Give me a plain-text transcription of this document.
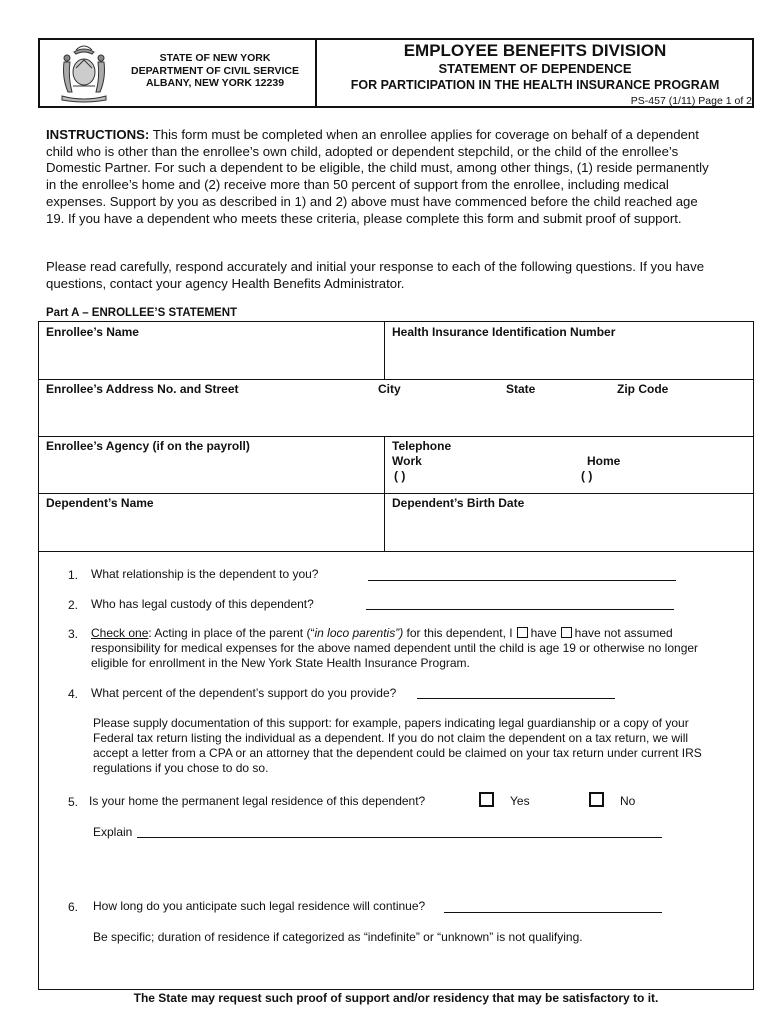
STATE OF NEW YORK
DEPARTMENT OF CIVIL SERVICE
ALBANY, NEW YORK 12239
EMPLOYEE BENEFITS DIVISION
STATEMENT OF DEPENDENCE
FOR PARTICIPATION IN THE HEALTH INSURANCE PROGRAM
PS-457 (1/11) Page 1 of 2
INSTRUCTIONS: This form must be completed when an enrollee applies for coverage on behalf of a dependent child who is other than the enrollee’s own child, adopted or dependent stepchild, or the child of the enrollee’s Domestic Partner. For such a dependent to be eligible, the child must, among other things, (1) reside permanently in the enrollee’s home and (2) receive more than 50 percent of support from the enrollee, including medical expenses. Support by you as described in 1) and 2) above must have commenced before the child reached age 19. If you have a dependent who meets these criteria, please complete this form and submit proof of support.
Please read carefully, respond accurately and initial your response to each of the following questions. If you have questions, contact your agency Health Benefits Administrator.
Part A – ENROLLEE’S STATEMENT
Enrollee’s Name	Health Insurance Identification Number
Enrollee’s Address No. and Street	City	State	Zip Code
Enrollee’s Agency (if on the payroll)	Telephone
Work	Home
( )	( )
Dependent’s Name	Dependent’s Birth Date
1. What relationship is the dependent to you?
2. Who has legal custody of this dependent?
3. Check one: Acting in place of the parent (“in loco parentis”) for this dependent, I have have not assumed responsibility for medical expenses for the above named dependent until the child is age 19 or otherwise no longer eligible for enrollment in the New York State Health Insurance Program.
4. What percent of the dependent’s support do you provide?
Please supply documentation of this support: for example, papers indicating legal guardianship or a copy of your Federal tax return listing the individual as a dependent. If you do not claim the dependent on a tax return, we will accept a letter from a CPA or an attorney that the dependent could be claimed on your tax return under current IRS regulations if you chose to do so.
5. Is your home the permanent legal residence of this dependent?	Yes	No
Explain
6. How long do you anticipate such legal residence will continue?
Be specific; duration of residence if categorized as “indefinite” or “unknown” is not qualifying.
The State may request such proof of support and/or residency that may be satisfactory to it.
